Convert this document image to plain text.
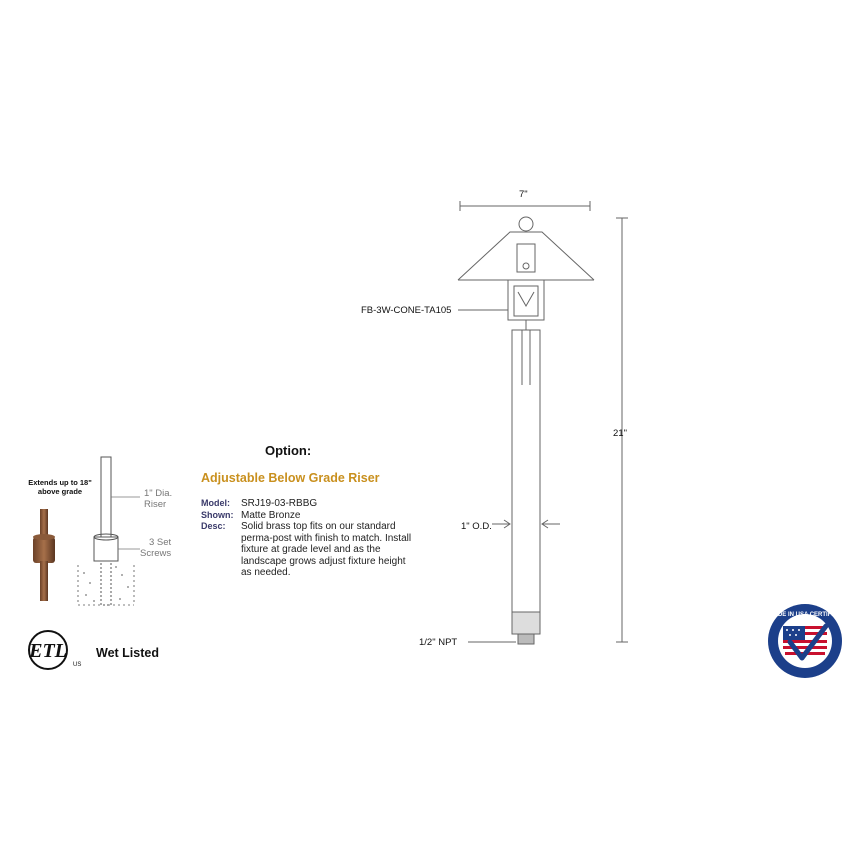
Extends up to 18" above grade	1" Dia.
Riser
3 Set
Screws
Option:
Adjustable Below Grade Riser
Model:	SRJ19-03-RBBG
Shown: Matte Bronze
Desc:	Solid brass top fits on our standard perma-post with finish to match. Install fixture at grade level and as the landscape grows adjust fixture height as needed.
ETL
US
Wet Listed
7"
21"
1" O.D.
1/2" NPT
FB-3W-CONE-TA105
MADE IN USA CERTIFIED
